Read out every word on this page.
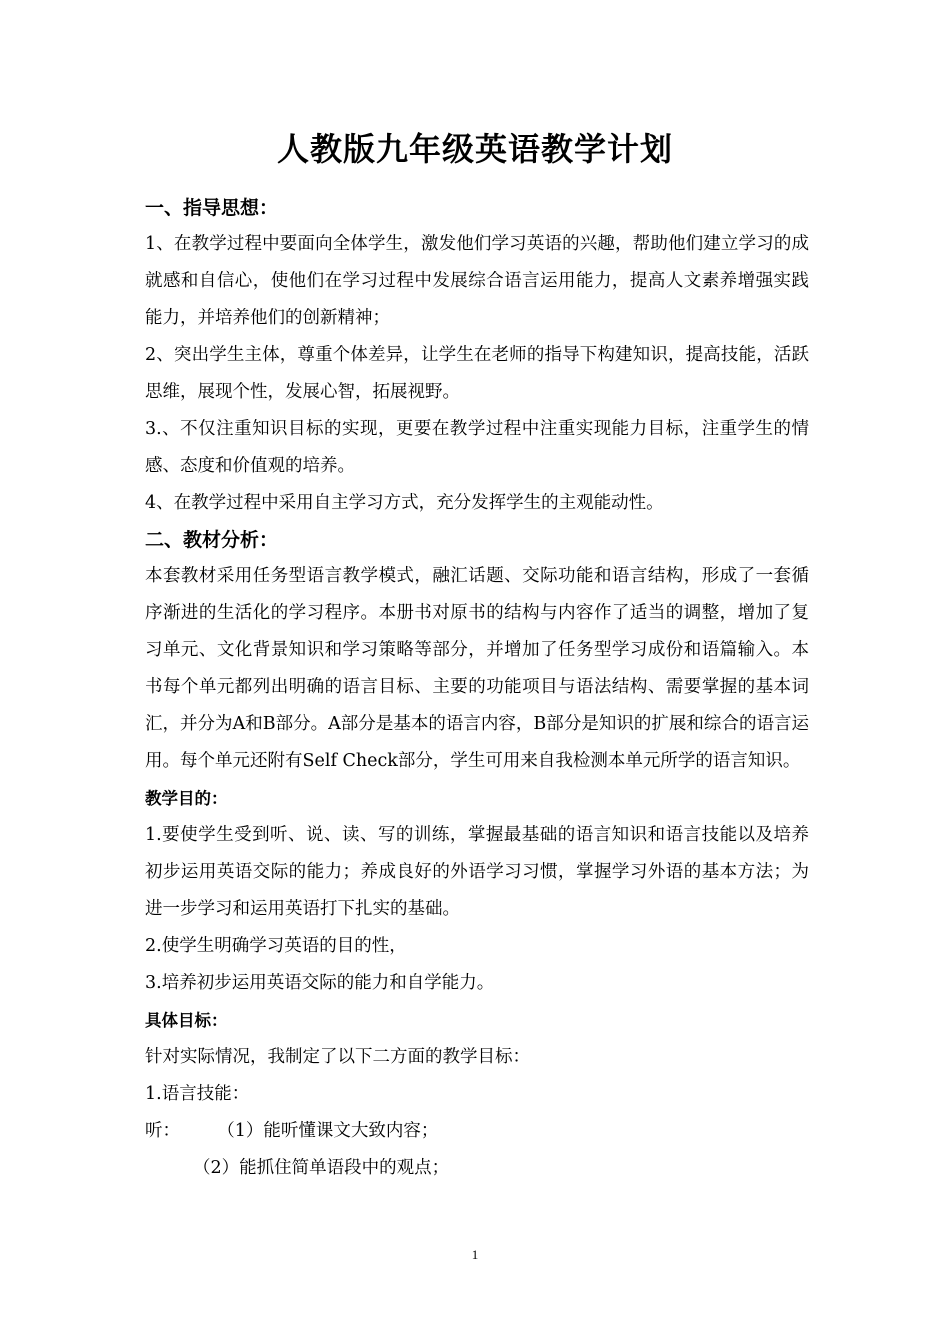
人教版九年级英语教学计划
一、指导思想：

1、在教学过程中要面向全体学生，激发他们学习英语的兴趣，帮助他们建立学习的成就感和自信心，使他们在学习过程中发展综合语言运用能力，提高人文素养增强实践能力，并培养他们的创新精神；

2、突出学生主体，尊重个体差异，让学生在老师的指导下构建知识，提高技能，活跃思维，展现个性，发展心智，拓展视野。

3.、不仅注重知识目标的实现，更要在教学过程中注重实现能力目标，注重学生的情感、态度和价值观的培养。

4、在教学过程中采用自主学习方式，充分发挥学生的主观能动性。

二、教材分析：

本套教材采用任务型语言教学模式，融汇话题、交际功能和语言结构，形成了一套循序渐进的生活化的学习程序。本册书对原书的结构与内容作了适当的调整，增加了复习单元、文化背景知识和学习策略等部分，并增加了任务型学习成份和语篇输入。本书每个单元都列出明确的语言目标、主要的功能项目与语法结构、需要掌握的基本词汇，并分为A和B部分。A部分是基本的语言内容，B部分是知识的扩展和综合的语言运用。每个单元还附有Self Check部分，学生可用来自我检测本单元所学的语言知识。

教学目的：

1.要使学生受到听、说、读、写的训练，掌握最基础的语言知识和语言技能以及培养初步运用英语交际的能力；养成良好的外语学习习惯，掌握学习外语的基本方法；为进一步学习和运用英语打下扎实的基础。

2.使学生明确学习英语的目的性，

3.培养初步运用英语交际的能力和自学能力。

具体目标：

针对实际情况，我制定了以下二方面的教学目标：

1.语言技能：

听：	（1）能听懂课文大致内容；

（2）能抓住简单语段中的观点；

1
